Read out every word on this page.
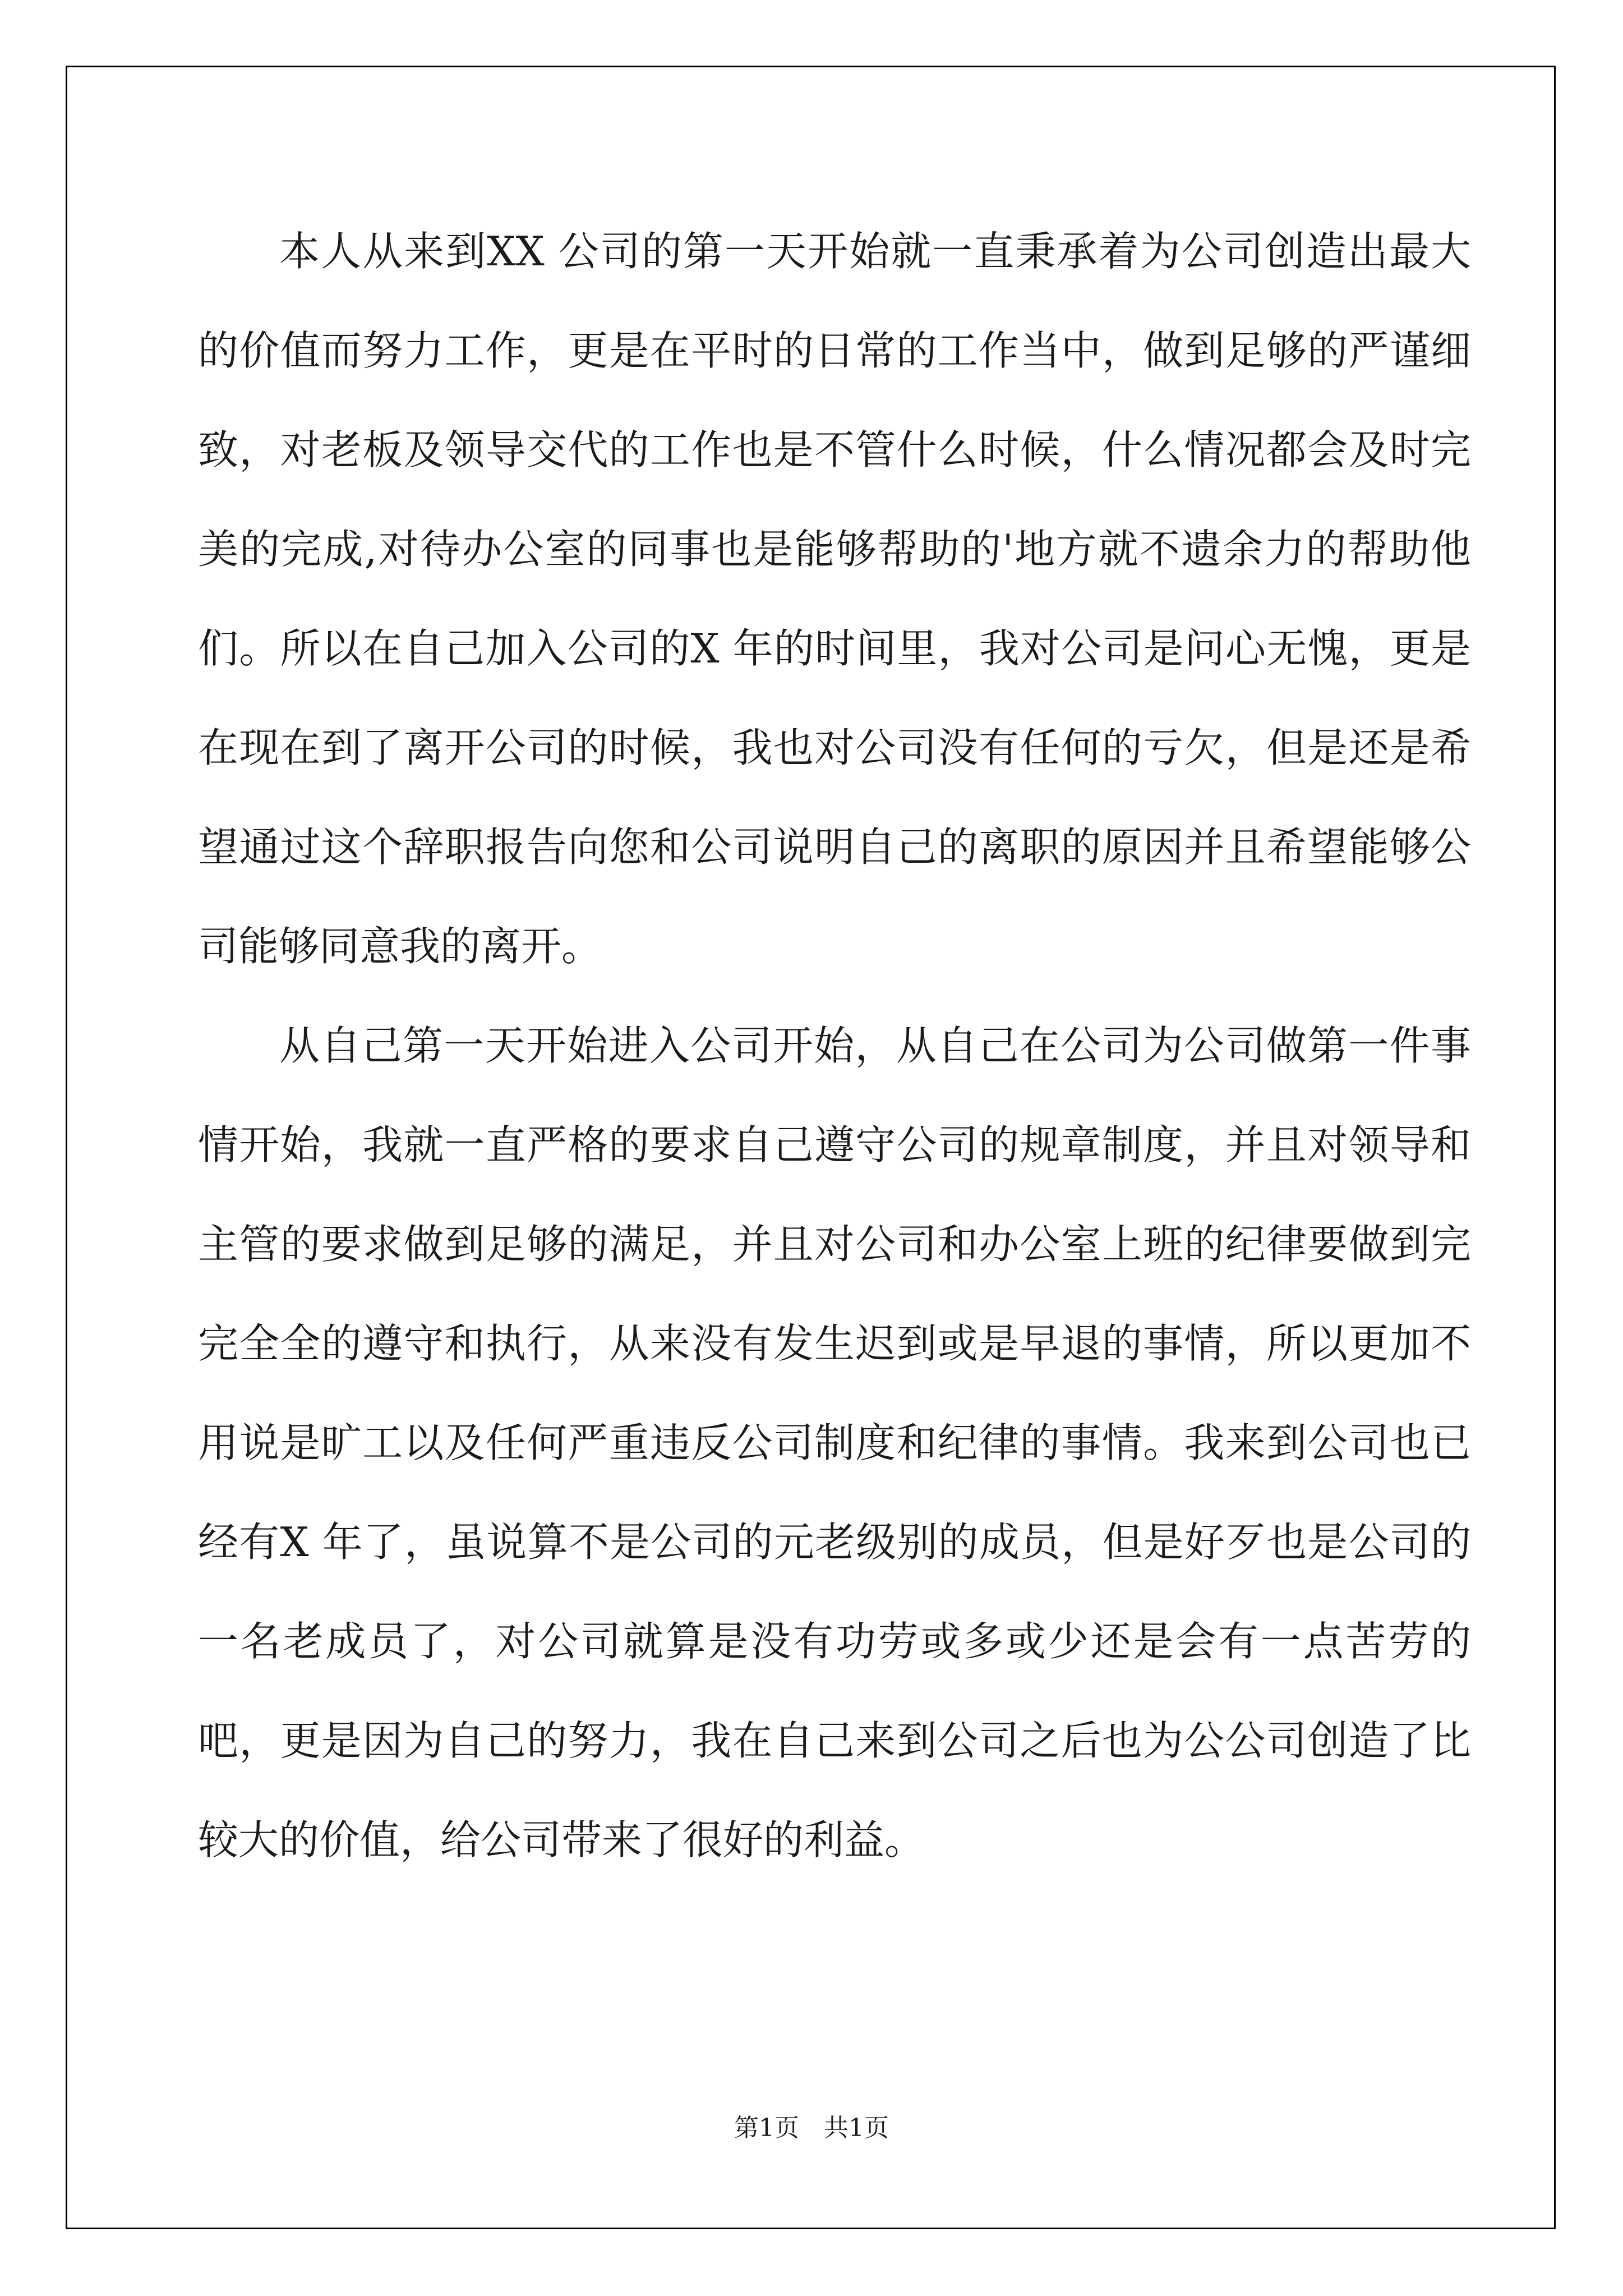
本人从来到XX 公司的第一天开始就一直秉承着为公司创造出最大的价值而努力工作，更是在平时的日常的工作当中，做到足够的严谨细致，对老板及领导交代的工作也是不管什么时候，什么情况都会及时完美的完成,对待办公室的同事也是能够帮助的'地方就不遗余力的帮助他们。所以在自己加入公司的X 年的时间里，我对公司是问心无愧，更是在现在到了离开公司的时候，我也对公司没有任何的亏欠，但是还是希望通过这个辞职报告向您和公司说明自己的离职的原因并且希望能够公司能够同意我的离开。

从自己第一天开始进入公司开始，从自己在公司为公司做第一件事情开始，我就一直严格的要求自己遵守公司的规章制度，并且对领导和主管的要求做到足够的满足，并且对公司和办公室上班的纪律要做到完完全全的遵守和执行，从来没有发生迟到或是早退的事情，所以更加不用说是旷工以及任何严重违反公司制度和纪律的事情。我来到公司也已经有X 年了，虽说算不是公司的元老级别的成员，但是好歹也是公司的一名老成员了，对公司就算是没有功劳或多或少还是会有一点苦劳的吧，更是因为自己的努力，我在自己来到公司之后也为公公司创造了比较大的价值，给公司带来了很好的利益。

第1页　共1页
